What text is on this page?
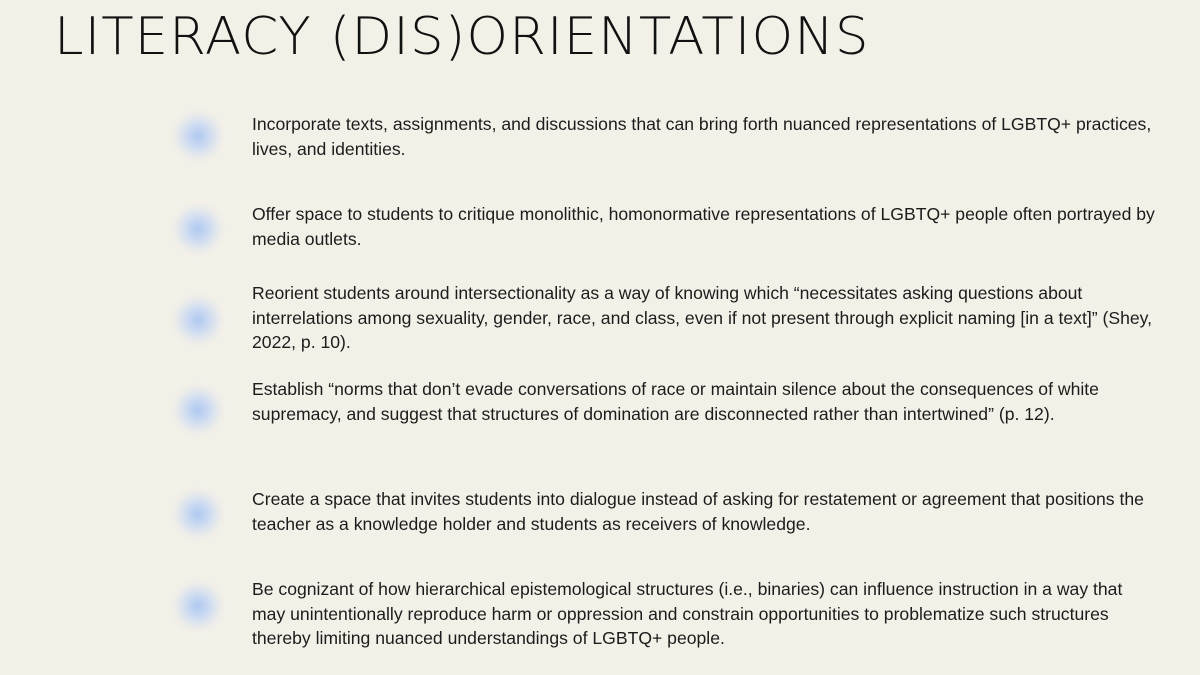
LITERACY (DIS)ORIENTATIONS

Incorporate texts, assignments, and discussions that can bring forth nuanced representations of LGBTQ+ practices, lives, and identities.

Offer space to students to critique monolithic, homonormative representations of LGBTQ+ people often portrayed by media outlets.

Reorient students around intersectionality as a way of knowing which “necessitates asking questions about interrelations among sexuality, gender, race, and class, even if not present through explicit naming [in a text]” (Shey, 2022, p. 10).

Establish “norms that don’t evade conversations of race or maintain silence about the consequences of white supremacy, and suggest that structures of domination are disconnected rather than intertwined” (p. 12).

Create a space that invites students into dialogue instead of asking for restatement or agreement that positions the teacher as a knowledge holder and students as receivers of knowledge.

Be cognizant of how hierarchical epistemological structures (i.e., binaries) can influence instruction in a way that may unintentionally reproduce harm or oppression and constrain opportunities to problematize such structures thereby limiting nuanced understandings of LGBTQ+ people.
